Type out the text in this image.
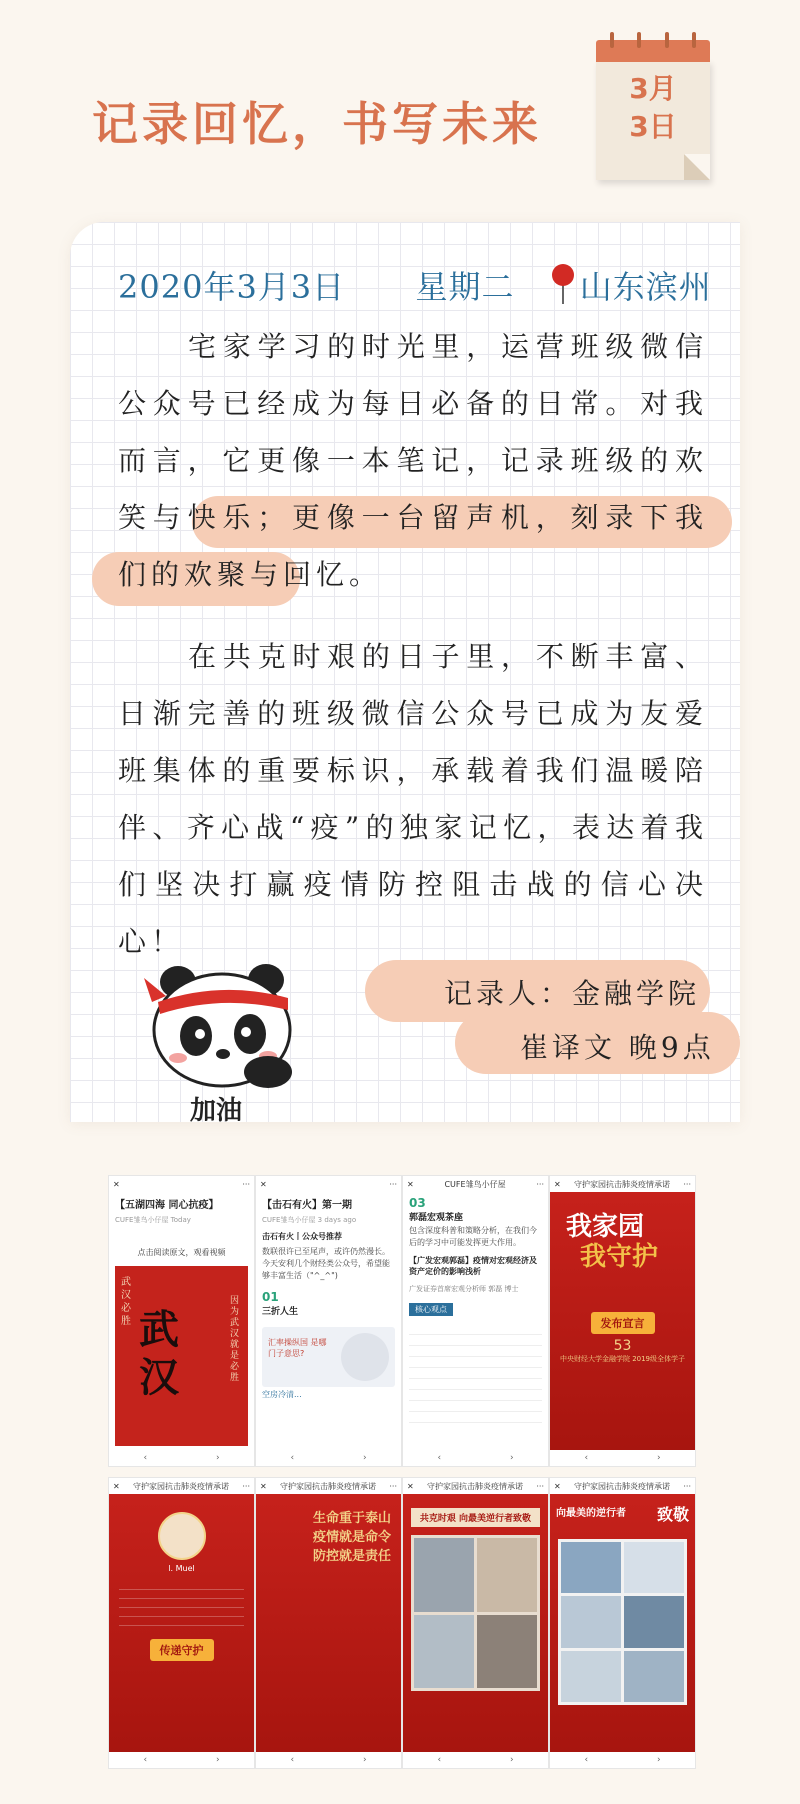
记录回忆，书写未来
3月
3日
2020年3月3日 星期二 山东滨州
宅家学习的时光里，运营班级微信公众号已经成为每日必备的日常。对我而言，它更像一本笔记，记录班级的欢笑与快乐；更像一台留声机，刻录下我们的欢聚与回忆。
在共克时艰的日子里，不断丰富、日渐完善的班级微信公众号已成为友爱班集体的重要标识，承载着我们温暖陪伴、齐心战“疫”的独家记忆，表达着我们坚决打赢疫情防控阻击战的信心决心！
加油
记录人：金融学院
崔译文 晚9点
✕	···
【五湖四海 同心抗疫】
CUFE雏鸟小仔屋 Today
点击阅读原文，观看视频
武汉必胜 武汉
因为武汉 就是必胜
‹	›
✕	···
【击石有火】第一期
CUFE雏鸟小仔屋 3 days ago
击石有火丨公众号推荐
数联很许已至尾声，或许仍然漫长。今天安利几个财经类公众号，希望能够丰富生活（"^_^")
01
三折人生
汇率操纵国 是哪门子意思?
空房冷清...
‹	›
✕	CUFE雏鸟小仔屋	···
03
郭磊宏观茶座
包含深度科普和策略分析，在我们今后的学习中可能发挥更大作用。
【广发宏观郭磊】疫情对宏观经济及资产定价的影响浅析
广发证券首席宏观分析师 郭磊 博士
核心观点
‹	›
✕	守护家园抗击肺炎疫情承诺	···
我家园
我守护
发布宣言
53
中央财经大学金融学院 2019级全体学子
‹	›
✕	守护家园抗击肺炎疫情承诺	···
l. Muel
传递守护
‹	›
✕	守护家园抗击肺炎疫情承诺	···
生命重于泰山
疫情就是命令
防控就是责任
‹	›
✕	守护家园抗击肺炎疫情承诺	···
共克时艰 向最美逆行者致敬
‹	›
✕	守护家园抗击肺炎疫情承诺	···
向最美的逆行者	致敬
‹	›
